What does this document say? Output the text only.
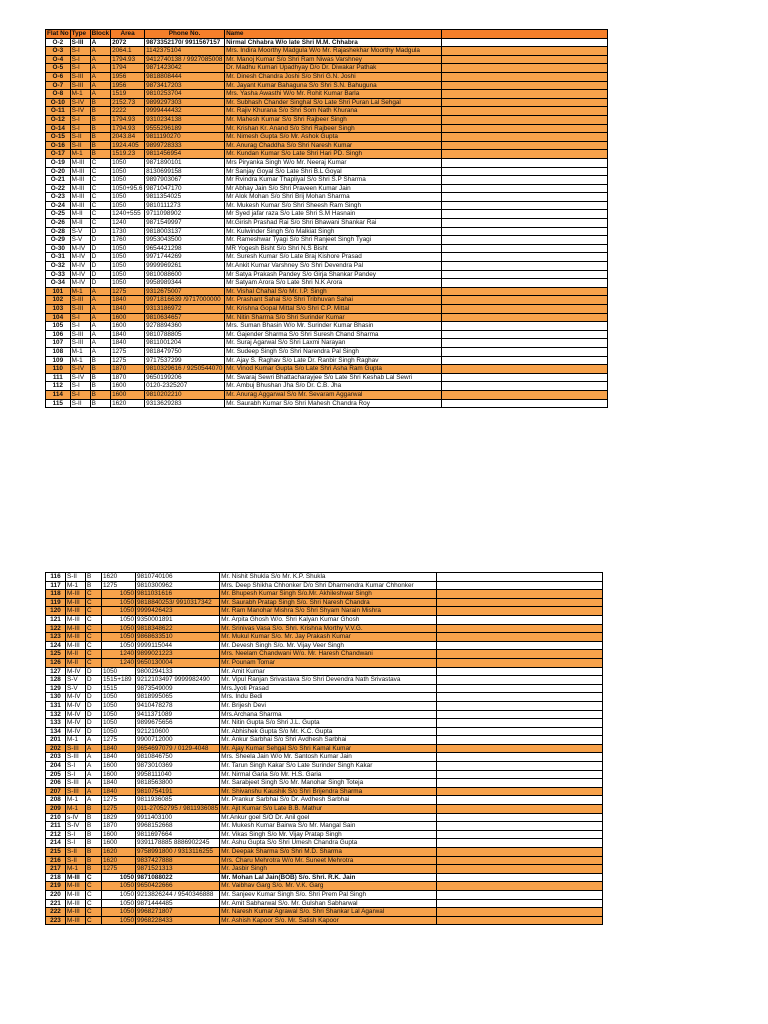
Flat No	Type	Block	Area	Phone No.	Name	
O-2	S-III	A	2072	9873352170/ 9911567157	Nirmal Chhabra W/o late Shri M.M. Chhabra	
O-3	S-I	A	2064.1	1142375104	Mrs. Indira Moorthy Madgula W/o Mr. Rajashekhar Moorthy Madgula	
O-4	S-I	A	1794.93	9412740138 / 9927085008	Mr. Manoj Kumar S/o Shri Ram Niwas Varshney	
O-5	S-I	A	1794	9871423042	Dr. Madhu Kumari Upadhyay D/o Dr. Diwakar Pathak	
O-6	S-III	A	1956	9818808444	Mr. Dinesh Chandra Joshi S/o Shri G.N. Joshi	
O-7	S-III	A	1956	9873417203	Mr. Jayant Kumar Bahaguna S/o Shri S.N. Bahuguna	
O-8	M-1	A	1519	9810253704	Mrs. Yasha Awasthi W/o Mr. Rohit Kumar Barla	
O-10	S-IV	B	2152.73	9899297303	Mr. Subhash Chander Singhal S/o Late Shri Puran Lal Sehgal	
O-11	S-IV	B	2222	9999444432	Mr. Rajiv Khurana S/o Shri Som Nath Khurana	
O-12	S-I	B	1794.93	9310234138	Mr. Mahesh Kumar S/o Shri Rajbeer Singh	
O-14	S-I	B	1794.93	9555296189	Mr. Krishan Kr. Anand S/o Shri Rajbeer Singh	
O-15	S-II	B	2043.84	9811190270	Mr. Nimesh Gupta S/o Mr. Ashok Gupta	
O-16	S-II	B	1924.405	9899728333	Mr. Anurag Chaddha S/o Shri Naresh Kumar	
O-17	M-1	B	1519.23	9811456954	Mr. Kundan Kumar S/o Late Shri Hari PD. Singh	
O-19	M-III	C	1050	9871890101	Mrs Piryanka Singh W/o Mr. Neeraj Kumar	
O-20	M-III	C	1050	8130699158	Mr Sanjay Goyal S/o Late Shri B.L Goyal	
O-21	M-III	C	1050	9897903067	Mr Rvindra Kumar Thapliyal S/o Shri S.P Sharma	
O-22	M-III	C	1050+95.6	9871047170	Mr Abhay Jain S/o Shri Praveen Kumar Jain	
O-23	M-III	C	1050	9811354025	Mr Alok Mohan S/o Shri Brij Mohan Sharma	
O-24	M-III	C	1050	9810111273	Mr. Mukesh Kumar S/o Shri Sheesh Ram Singh	
O-25	M-II	C	1240+555	9711098902	Mr Syed jafar raza S/o Late Shri S.M Hasnain	
O-26	M-II	C	1240	9871549997	Mr.Girish Prashad Rai S/o Shri Bhawani Shankar Rai	
O-28	S-V	D	1730	9818003137	Mr. Kulwinder Singh S/o Malkiat Singh	
O-29	S-V	D	1760	9953043500	Mr. Rameshwar Tyagi S/o Shri Ranjeet Singh Tyagi	
O-30	M-IV	D	1050	9654421298	MR Yogesh Bisht S/o Shri N.S Bisht	
O-31	M-IV	D	1050	9971744269	Mr. Suresh Kumar S/o Late Braj Kishore Prasad	
O-32	M-IV	D	1050	9999969261	Mr.Ankit Kumar Varshney S/o Shri Devendra Pal	
O-33	M-IV	D	1050	9810088600	Mr Satya Prakash Pandey S/o Girja Shankar Pandey	
O-34	M-IV	D	1050	9958989344	Mr Satyam Arora S/o Late Shri N.K Arora	
101	M-1	A	1275	9312675007	Mr. Vishal Chahal S/o Mr. I.P. Singh	
102	S-III	A	1840	9971816639 /9717000000	Mr. Prashant Sahai S/o Shri Tribhuvan Sahai	
103	S-III	A	1840	9313186972	Mr. Krishna Gopal Mittal S/o Shri C.P. Mittal	
104	S-I	A	1600	9810634657	Mr. Nitin Sharma S/o Shri Surinder Kumar	
105	S-I	A	1600	9278894360	Mrs. Suman Bhasin W/o Mr. Surinder Kumar Bhasin	
106	S-III	A	1840	9810788805	Mr. Gajender Sharma S/o Shri Suresh Chand Sharma	
107	S-III	A	1840	9811001204	Mr. Suraj Agarwal S/o Shri Laxmi Narayan	
108	M-1	A	1275	9818479750	Mr. Sudeep Singh S/o Shri Narendra Pal Singh	
109	M-1	B	1275	9717537299	Mr. Ajay S. Raghav S/o Late Dr. Ranbir Singh Raghav	
110	S-IV	B	1870	9810329616 / 9250544070	Mr. Vinod Kumar Gupta S/o Late Shri Asha Ram Gupta	
111	S-IV	B	1870	9650199206	Mr. Swaraj Sewri Bhattacharayjee S/o Late Shri Keshab Lal Sewri	
112	S-I	B	1600	0120-2325207	Mr. Ambuj Bhushan Jha S/o Dr. C.B. Jha	
114	S-I	B	1600	9810202210	Mr. Anurag Aggarwal S/o Mr. Sevaram Aggarwal	
115	S-II	B	1620	9313629283	Mr. Saurabh Kumar S/o Shri Mahesh Chandra Roy	
116	S-II	B	1620	9810740106	Mr. Nishit Shukla S/o Mr. K.P. Shukla	
117	M-1	B	1275	9810300962	Mrs. Deep Shikha Chhonker D/o Shri Dharmendra Kumar Chhonker	
118	M-III	C	1050	9811031616	Mr. Bhupesh Kumar Singh S/o.Mr. Akhileshwar Singh	
119	M-III	C	1050	9818840253/ 9910317342	Mr. Saurabh Pratap Singh S/o. Shri Naresh Chandra	
120	M-III	C	1050	9999426423	Mr. Ram Manohar Mishra S/o Shri Shyam Narain Mishra	
121	M-III	C	1050	9350001891	Mr. Arpita Ghosh W/o. Shri Kalyan Kumar Ghosh	
122	M-III	C	1050	9818348622	Mr. Srinivas Vasa S/o. Shri. Krishna Morthy V.V.G.	
123	M-III	C	1050	9868633510	Mr. Mukul Kumar S/o. Mr. Jay Prakash Kumar	
124	M-III	C	1050	9999115044	Mr. Devesh Singh S/o. Mr. Vijay Veer Singh	
125	M-II	C	1240	9899021223	Mrs. Neelam Chandwani W/o. Mr. Haresh Chandwani	
126	M-II	C	1240	9650130004	Mr. Pounam Tomar	
127	M-IV	D	1050	9800294133	Mr. Amit Kumar	
128	S-V	D	1515+189	9212103497 9999982490	Mr. Vipul Ranjan Srivastava S/o Shri Devendra Nath Srivastava	
129	S-V	D	1515	9873549009	Mrs.Jyoti Prasad	
130	M-IV	D	1050	9818995065	Mrs. Indu Bedi	
131	M-IV	D	1050	9410478278	Mr. Brijesh Devi	
132	M-IV	D	1050	9411371089	Mrs.Archana Sharma	
133	M-IV	D	1050	9899675656	Mr. Nitin Gupta S/o Shri J.L. Gupta	
134	M-IV	D	1050	921210600	Mr. Abhishek Gupta S/o Mr. K.C. Gupta	
201	M-1	A	1275	9900712000	Mr. Ankur Sarbhai S/o Shri Avdhesh Sarbhai	
202	S-III	A	1840	9654697079 / 0129-4048	Mr. Ajay Kumar Sehgal S/o Shri Kamal Kumar	
203	S-III	A	1840	9810846750	Mrs. Sheela Jain W/o Mr. Santosh Kumar Jain	
204	S-I	A	1600	9873010369	Mr. Tarun Singh Kakar S/o Late Surinder Singh Kakar	
205	S-I	A	1600	9958111040	Mr. Nirmal Garia S/o Mr. H.S. Garia	
206	S-III	A	1840	9818563800	Mr. Sarabjeet Singh S/o Mr. Manohar Singh Toteja	
207	S-III	A	1840	9810754191	Mr. Shivanshu Kaushik S/o Shri Brijendra Sharma	
208	M-1	A	1275	9811936085	Mr. Prankur Sarbhai S/o Dr. Avdhesh Sarbhai	
209	M-1	B	1275	011-27052795 / 9811936085	Mr. Ajit Kumar S/o Late B.B. Mathur	
210	s-IV	B	1829	9911403100	Mr.Ankur goel S/O Dr. Anil goel	
211	S-IV	B	1870	9968152668	Mr. Mukesh Kumar Bairwa S/o Mr. Mangal Sain	
212	S-I	B	1600	9811697664	Mr. Vikas Singh S/o Mr. Vijay Pratap Singh	
214	S-I	B	1600	9391178885 8886902245	Mr. Ashu Gupta S/o Shri Umesh Chandra Gupta	
215	S-II	B	1620	9758991800 / 9313116255	Mr. Deepak Sharma S/o Shri M.D. Sharma	
216	S-II	B	1620	9837427888	Mrs. Charu Mehrotra W/o Mr. Suneet Mehrotra	
217	M-1	B	1275	9871521313	Mr. Jasbir Singh	
218	M-III	C	1050	9871088022	Mr. Mohan Lal Jain(BOB) S/o. Shri. R.K. Jain	
219	M-III	C	1050	9650422666	Mr. Vaibhav Garg S/o. Mr. V.K. Garg	
220	M-III	C	1050	9213826244 / 9540346888	Mr. Sanjeev Kumar Singh S/o. Shri Prem Pal Singh	
221	M-III	C	1050	9871444485	Mr. Amit Sabharwal S/o. Mr. Gulshan Sabharwal	
222	M-III	C	1050	9968271807	Mr. Naresh Kumar Agrawal S/o. Shri Shankar Lal Agarwal	
223	M-III	C	1050	9968228433	Mr. Ashish Kapoor S/o. Mr. Satish Kapoor	
